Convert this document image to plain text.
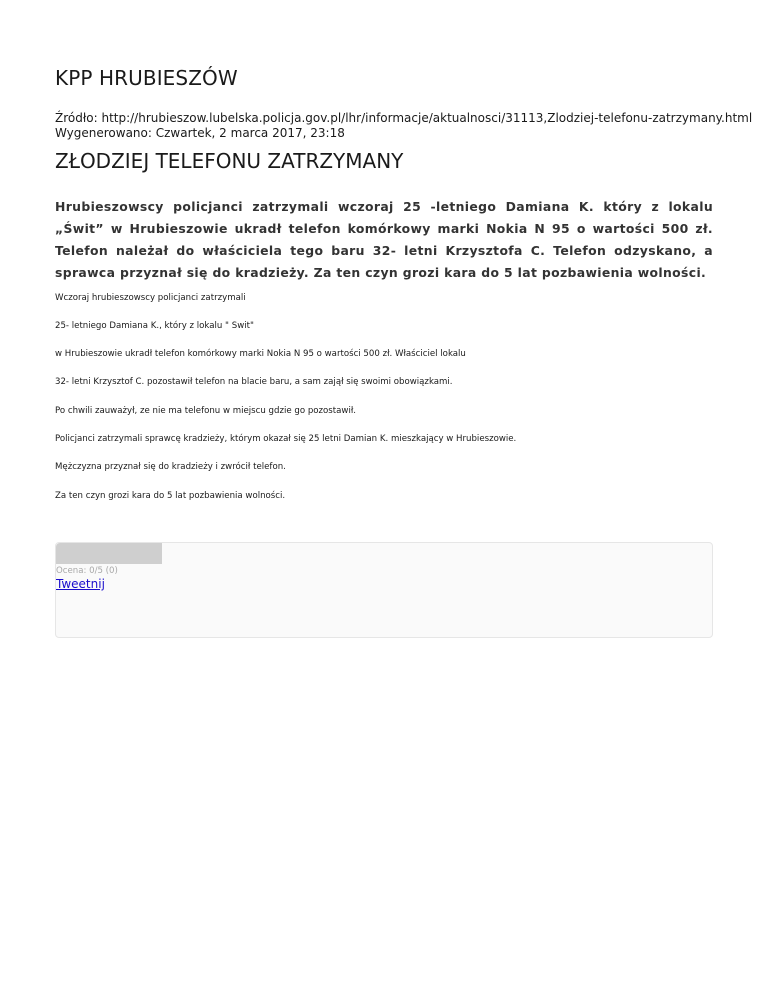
KPP HRUBIESZÓW
Źródło: http://hrubieszow.lubelska.policja.gov.pl/lhr/informacje/aktualnosci/31113,Zlodziej-telefonu-zatrzymany.html
Wygenerowano: Czwartek, 2 marca 2017, 23:18
ZŁODZIEJ TELEFONU ZATRZYMANY

Hrubieszowscy policjanci zatrzymali wczoraj 25 -letniego Damiana K. który z lokalu „Świt” w Hrubieszowie ukradł telefon komórkowy marki Nokia N 95 o wartości 500 zł. Telefon należał do właściciela tego baru 32- letni Krzysztofa C. Telefon odzyskano, a sprawca przyznał się do kradzieży. Za ten czyn grozi kara do 5 lat pozbawienia wolności.

Wczoraj hrubieszowscy policjanci zatrzymali

25- letniego Damiana K., który z lokalu " Swit"

w Hrubieszowie ukradł telefon komórkowy marki Nokia N 95 o wartości 500 zł. Właściciel lokalu

32- letni Krzysztof C. pozostawił telefon na blacie baru, a sam zajął się swoimi obowiązkami.

Po chwili zauważył, ze nie ma telefonu w miejscu gdzie go pozostawił.

Policjanci zatrzymali sprawcę kradzieży, którym okazał się 25 letni Damian K. mieszkający w Hrubieszowie.

Mężczyzna przyznał się do kradzieży i zwrócił telefon.

Za ten czyn grozi kara do 5 lat pozbawienia wolności.

Ocena: 0/5 (0)
Tweetnij
